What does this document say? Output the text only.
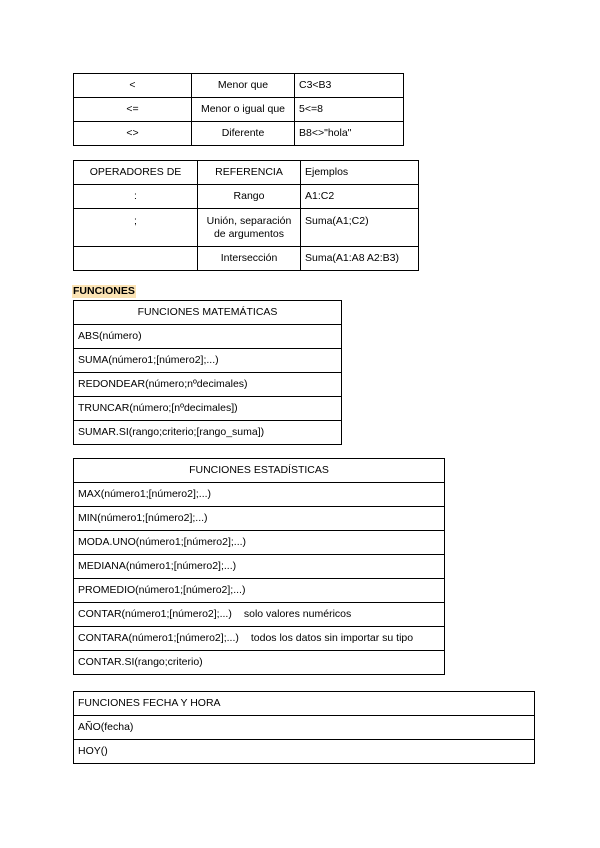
<	Menor que	C3<B3
<=	Menor o igual que	5<=8
<>	Diferente	B8<>"hola"
OPERADORES DE	REFERENCIA	Ejemplos
:	Rango	A1:C2
;	Unión, separación de argumentos	Suma(A1;C2)
	Intersección	Suma(A1:A8 A2:B3)
FUNCIONES
FUNCIONES MATEMÁTICAS
ABS(número)
SUMA(número1;[número2];...)
REDONDEAR(número;nºdecimales)
TRUNCAR(número;[nºdecimales])
SUMAR.SI(rango;criterio;[rango_suma])
FUNCIONES ESTADÍSTICAS
MAX(número1;[número2];...)
MIN(número1;[número2];...)
MODA.UNO(número1;[número2];...)
MEDIANA(número1;[número2];...)
PROMEDIO(número1;[número2];...)
CONTAR(número1;[número2];...) solo valores numéricos
CONTARA(número1;[número2];...) todos los datos sin importar su tipo
CONTAR.SI(rango;criterio)
FUNCIONES FECHA Y HORA
AÑO(fecha)
HOY()
